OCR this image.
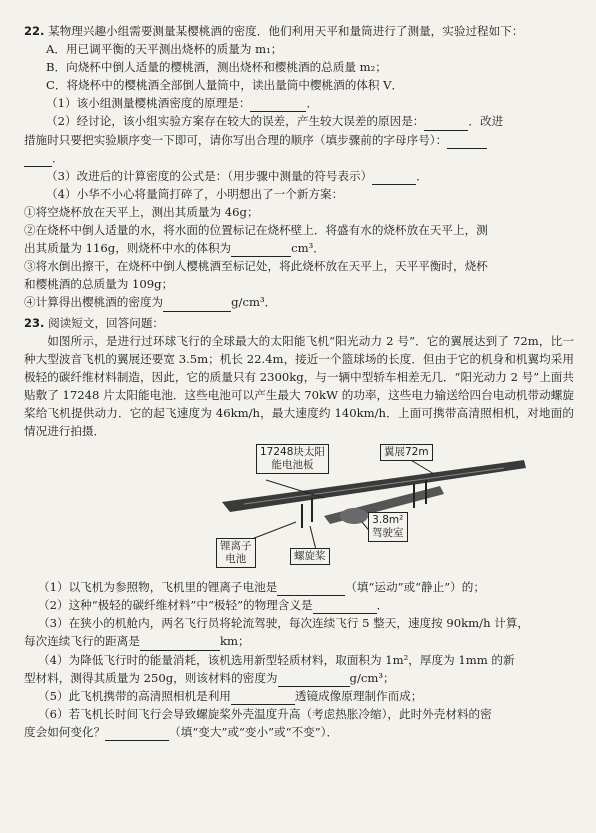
22. 某物理兴趣小组需要测量某樱桃酒的密度．他们利用天平和量筒进行了测量，实验过程如下：
A．用已调平衡的天平测出烧杯的质量为 m₁；
B．向烧杯中倒人适量的樱桃酒，测出烧杯和樱桃酒的总质量 m₂；
C．将烧杯中的樱桃酒全部倒人量筒中，读出量筒中樱桃酒的体积 V．
（1）该小组测量樱桃酒密度的原理是：	．
（2）经讨论，该小组实验方案存在较大的误差，产生较大误差的原因是：	．改进
措施时只要把实验顺序变一下即可，请你写出合理的顺序（填步骤前的字母序号）：
．
（3）改进后的计算密度的公式是：（用步骤中测量的符号表示）	．
（4）小华不小心将量筒打碎了，小明想出了一个新方案：
①将空烧杯放在天平上，测出其质量为 46g；
②在烧杯中倒人适量的水，将水面的位置标记在烧杯壁上．将盛有水的烧杯放在天平上，测
出其质量为 116g，则烧杯中水的体积为	cm³．
③将水倒出擦干，在烧杯中倒人樱桃酒至标记处，将此烧杯放在天平上，天平平衡时，烧杯
和樱桃酒的总质量为 109g；
④计算得出樱桃酒的密度为	g/cm³．
23. 阅读短文，回答问题：

如图所示，是进行过环球飞行的全球最大的太阳能飞机“阳光动力 2 号”．它的翼展达到了 72m，比一种大型波音飞机的翼展还要宽 3.5m；机长 22.4m，接近一个篮球场的长度．但由于它的机身和机翼均采用极轻的碳纤维材料制造，因此，它的质量只有 2300kg，与一辆中型轿车相差无几．“阳光动力 2 号”上面共贴敷了 17248 片太阳能电池．这些电池可以产生最大 70kW 的功率，这些电力输送给四台电动机带动螺旋桨给飞机提供动力．它的起飞速度为 46km/h，最大速度约 140km/h．上面可携带高清照相机，对地面的情况进行拍摄．

17248块太阳
能电池板
翼展72m
3.8m²
驾驶室
锂离子
电池	螺旋桨
（1）以飞机为参照物，飞机里的锂离子电池是	（填“运动”或“静止”）的；
（2）这种“极轻的碳纤维材料”中“极轻”的物理含义是	．
（3）在狭小的机舱内，两名飞行员将轮流驾驶，每次连续飞行 5 整天，速度按 90km/h 计算，
每次连续飞行的距离是	km；
（4）为降低飞行时的能量消耗，该机选用新型轻质材料，取面积为 1m²，厚度为 1mm 的新
型材料，测得其质量为 250g，则该材料的密度为	g/cm³；
（5）此飞机携带的高清照相机是利用	透镜成像原理制作而成；
（6）若飞机长时间飞行会导致螺旋桨外壳温度升高（考虑热胀冷缩），此时外壳材料的密
度会如何变化？	（填“变大”或“变小”或“不变”）．
